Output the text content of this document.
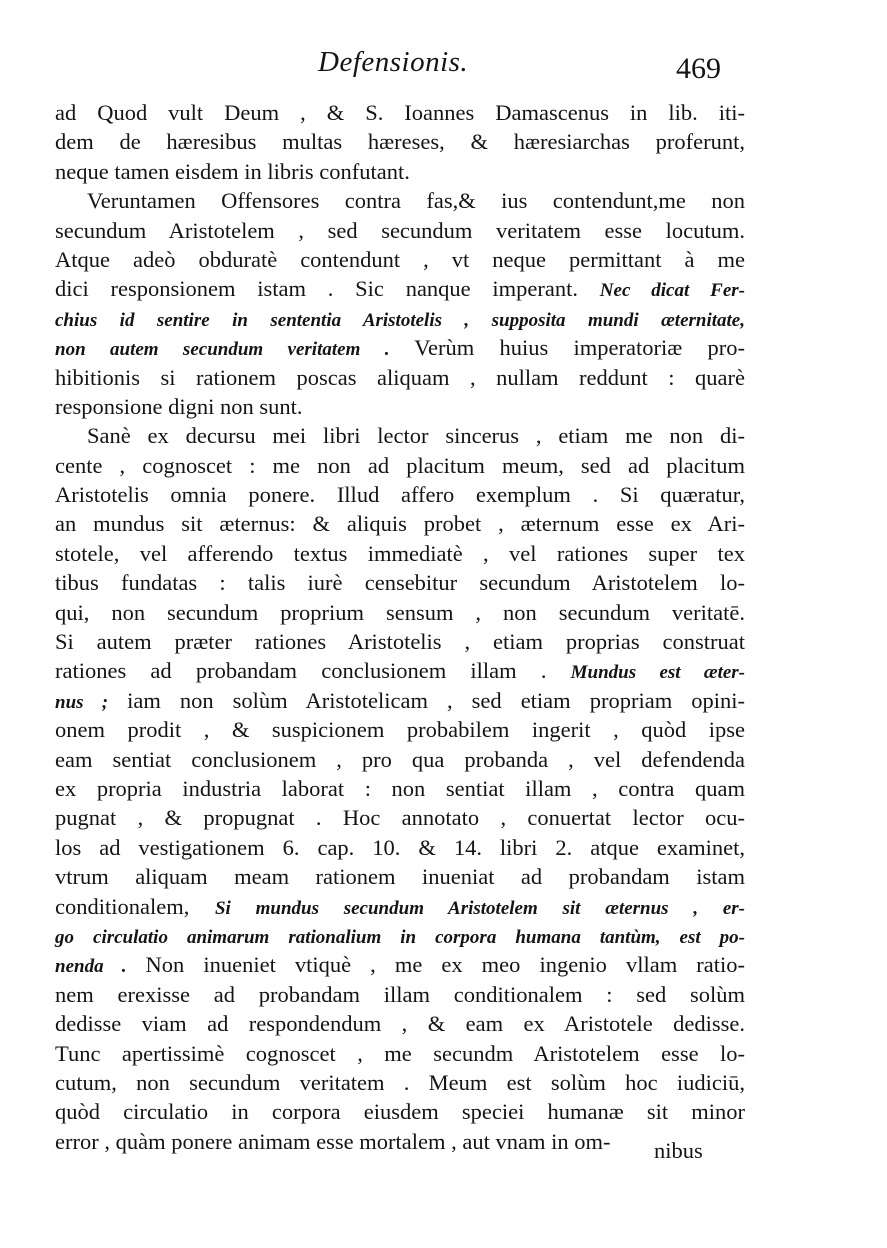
Defensionis.	469
ad Quod vult Deum , & S. Ioannes Damascenus in lib. iti-
dem de hæresibus multas hæreses, & hæresiarchas proferunt,
neque tamen eisdem in libris confutant.
Veruntamen Offensores contra fas,& ius contendunt,me non
secundum Aristotelem , sed secundum veritatem esse locutum.
Atque adeò obduratè contendunt , vt neque permittant à me
dici responsionem istam . Sic nanque imperant. Nec dicat Fer-
chius id sentire in sententia Aristotelis , supposita mundi æternitate,
non autem secundum veritatem . Verùm huius imperatoriæ pro-
hibitionis si rationem poscas aliquam , nullam reddunt : quarè
responsione digni non sunt.
Sanè ex decursu mei libri lector sincerus , etiam me non di-
cente , cognoscet : me non ad placitum meum, sed ad placitum
Aristotelis omnia ponere. Illud affero exemplum . Si quæratur,
an mundus sit æternus: & aliquis probet , æternum esse ex Ari-
stotele, vel afferendo textus immediatè , vel rationes super tex
tibus fundatas : talis iurè censebitur secundum Aristotelem lo-
qui, non secundum proprium sensum , non secundum veritatē.
Si autem præter rationes Aristotelis , etiam proprias construat
rationes ad probandam conclusionem illam . Mundus est æter-
nus ; iam non solùm Aristotelicam , sed etiam propriam opini-
onem prodit , & suspicionem probabilem ingerit , quòd ipse
eam sentiat conclusionem , pro qua probanda , vel defendenda
ex propria industria laborat : non sentiat illam , contra quam
pugnat , & propugnat . Hoc annotato , conuertat lector ocu-
los ad vestigationem 6. cap. 10. & 14. libri 2. atque examinet,
vtrum aliquam meam rationem inueniat ad probandam istam
conditionalem, Si mundus secundum Aristotelem sit æternus , er-
go circulatio animarum rationalium in corpora humana tantùm, est po-
nenda . Non inueniet vtiquè , me ex meo ingenio vllam ratio-
nem erexisse ad probandam illam conditionalem : sed solùm
dedisse viam ad respondendum , & eam ex Aristotele dedisse.
Tunc apertissimè cognoscet , me secundm Aristotelem esse lo-
cutum, non secundum veritatem . Meum est solùm hoc iudiciū,
quòd circulatio in corpora eiusdem speciei humanæ sit minor
error , quàm ponere animam esse mortalem , aut vnam in om-	nibus
